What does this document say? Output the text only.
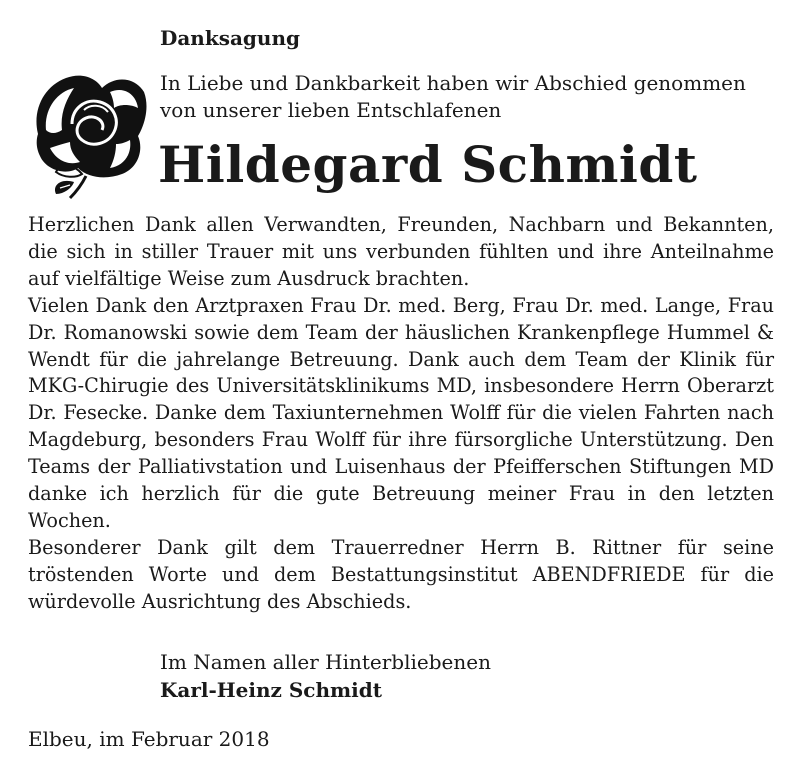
Danksagung

In Liebe und Dankbarkeit haben wir Abschied genommen
von unserer lieben Entschlafenen

Hildegard Schmidt

Herzlichen Dank allen Verwandten, Freunden, Nachbarn und Bekannten, die sich in stiller Trauer mit uns verbunden fühlten und ihre Anteilnahme auf vielfältige Weise zum Ausdruck brachten.

Vielen Dank den Arztpraxen Frau Dr. med. Berg, Frau Dr. med. Lange, Frau Dr. Romanowski sowie dem Team der häuslichen Krankenpflege Hummel & Wendt für die jahrelange Betreuung. Dank auch dem Team der Klinik für MKG-Chirugie des Universitätsklinikums MD, insbesondere Herrn Oberarzt Dr. Fesecke. Danke dem Taxiunternehmen Wolff für die vielen Fahrten nach Magdeburg, besonders Frau Wolff für ihre fürsorgliche Unterstützung. Den Teams der Palliativstation und Luisenhaus der Pfeifferschen Stiftungen MD danke ich herzlich für die gute Betreuung meiner Frau in den letzten Wochen.

Besonderer Dank gilt dem Trauerredner Herrn B. Rittner für seine tröstenden Worte und dem Bestattungsinstitut ABENDFRIEDE für die würdevolle Ausrichtung des Abschieds.

Im Namen aller Hinterbliebenen
Karl-Heinz Schmidt
Elbeu, im Februar 2018
